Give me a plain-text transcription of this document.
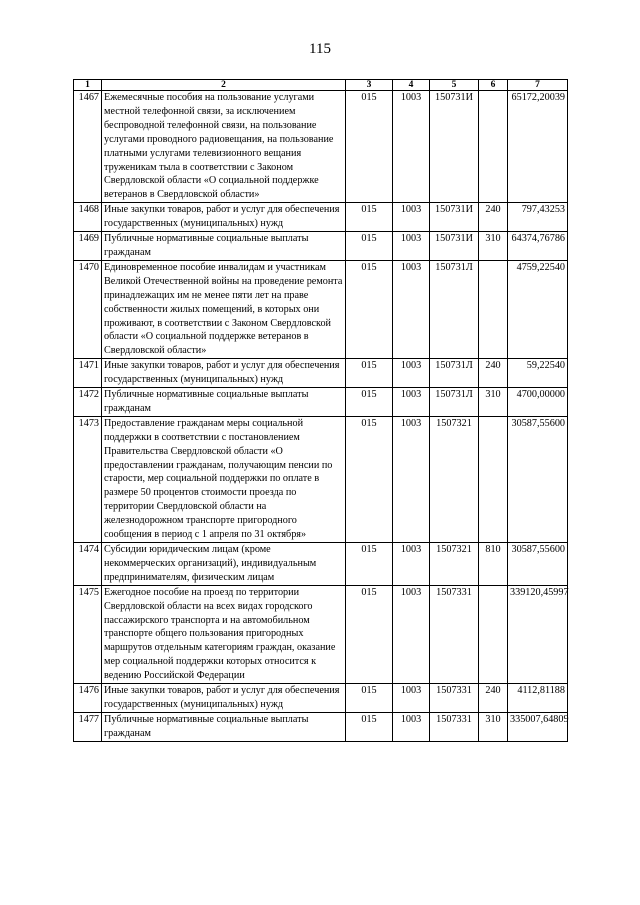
115
1	2	3	4	5	6	7
1467	Ежемесячные пособия на пользование услугами местной телефонной связи, за исключением беспроводной телефонной связи, на пользование услугами проводного радиовещания, на пользование платными услугами телевизионного вещания труженикам тыла в соответствии с Законом Свердловской области «О социальной поддержке ветеранов в Свердловской области»	015	1003	150731И		65172,20039
1468	Иные закупки товаров, работ и услуг для обеспечения государственных (муниципальных) нужд	015	1003	150731И	240	797,43253
1469	Публичные нормативные социальные выплаты гражданам	015	1003	150731И	310	64374,76786
1470	Единовременное пособие инвалидам и участникам Великой Отечественной войны на проведение ремонта принадлежащих им не менее пяти лет на праве собственности жилых помещений, в которых они проживают, в соответствии с Законом Свердловской области «О социальной поддержке ветеранов в Свердловской области»	015	1003	150731Л		4759,22540
1471	Иные закупки товаров, работ и услуг для обеспечения государственных (муниципальных) нужд	015	1003	150731Л	240	59,22540
1472	Публичные нормативные социальные выплаты гражданам	015	1003	150731Л	310	4700,00000
1473	Предоставление гражданам меры социальной поддержки в соответствии с постановлением Правительства Свердловской области «О предоставлении гражданам, получающим пенсии по старости, мер социальной поддержки по оплате в размере 50 процентов стоимости проезда по территории Свердловской области на железнодорожном транспорте пригородного сообщения в период с 1 апреля по 31 октября»	015	1003	1507321		30587,55600
1474	Субсидии юридическим лицам (кроме некоммерческих организаций), индивидуальным предпринимателям, физическим лицам	015	1003	1507321	810	30587,55600
1475	Ежегодное пособие на проезд по территории Свердловской области на всех видах городского пассажирского транспорта и на автомобильном транспорте общего пользования пригородных маршрутов отдельным категориям граждан, оказание мер социальной поддержки которых относится к ведению Российской Федерации	015	1003	1507331		339120,45997
1476	Иные закупки товаров, работ и услуг для обеспечения государственных (муниципальных) нужд	015	1003	1507331	240	4112,81188
1477	Публичные нормативные социальные выплаты гражданам	015	1003	1507331	310	335007,64809
